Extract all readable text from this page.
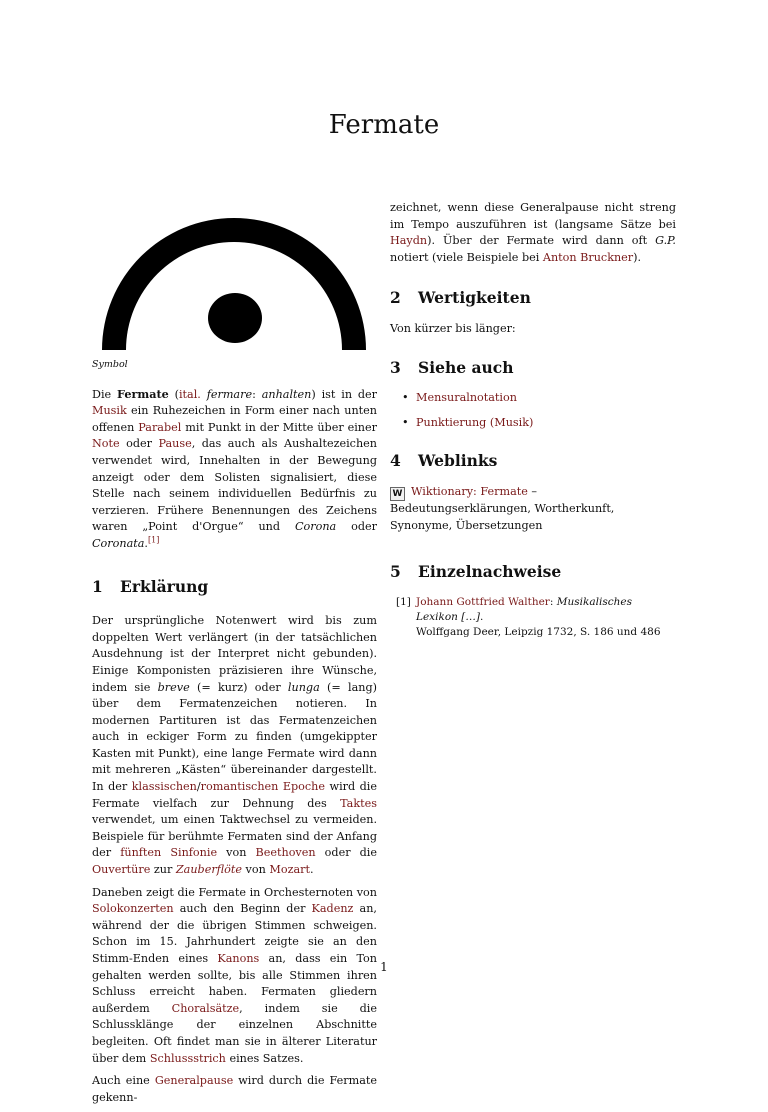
Fermate
Symbol

Die Fermate (ital. fermare: anhalten) ist in der Musik ein Ruhezeichen in Form einer nach unten offenen Parabel mit Punkt in der Mitte über einer Note oder Pause, das auch als Aushaltezeichen verwendet wird, Innehalten in der Bewegung anzeigt oder dem Solisten signalisiert, diese Stelle nach seinem individuellen Bedürfnis zu verzieren. Frühere Benennungen des Zeichens waren „Point d'Orgue“ und Corona oder Coronata.[1]

1 Erklärung

Der ursprüngliche Notenwert wird bis zum doppelten Wert verlängert (in der tatsächlichen Ausdehnung ist der Interpret nicht gebunden). Einige Komponisten präzisieren ihre Wünsche, indem sie breve (= kurz) oder lunga (= lang) über dem Fermatenzeichen notieren. In modernen Partituren ist das Fermatenzeichen auch in eckiger Form zu finden (umgekippter Kasten mit Punkt), eine lange Fermate wird dann mit mehreren „Kästen“ übereinander dargestellt. In der klassischen/romantischen Epoche wird die Fermate vielfach zur Dehnung des Taktes verwendet, um einen Taktwechsel zu vermeiden. Beispiele für berühmte Fermaten sind der Anfang der fünften Sinfonie von Beethoven oder die Ouvertüre zur Zauberflöte von Mozart.

Daneben zeigt die Fermate in Orchesternoten von Solokonzerten auch den Beginn der Kadenz an, während der die übrigen Stimmen schweigen. Schon im 15. Jahrhundert zeigte sie an den Stimm-Enden eines Kanons an, dass ein Ton gehalten werden sollte, bis alle Stimmen ihren Schluss erreicht haben. Fermaten gliedern außerdem Choralsätze, indem sie die Schlussklänge der einzelnen Abschnitte begleiten. Oft findet man sie in älterer Literatur über dem Schlussstrich eines Satzes.

Auch eine Generalpause wird durch die Fermate gekenn-

zeichnet, wenn diese Generalpause nicht streng im Tempo auszuführen ist (langsame Sätze bei Haydn). Über der Fermate wird dann oft G.P. notiert (viele Beispiele bei Anton Bruckner).

2 Wertigkeiten

Von kürzer bis länger:

3 Siehe auch
• Mensuralnotation
• Punktierung (Musik)
4 Weblinks

W Wiktionary: Fermate – Bedeutungserklärungen, Wortherkunft, Synonyme, Übersetzungen

5 Einzelnachweise
[1] Johann Gottfried Walther: Musikalisches Lexikon […].
Wolffgang Deer, Leipzig 1732, S. 186 und 486
1
